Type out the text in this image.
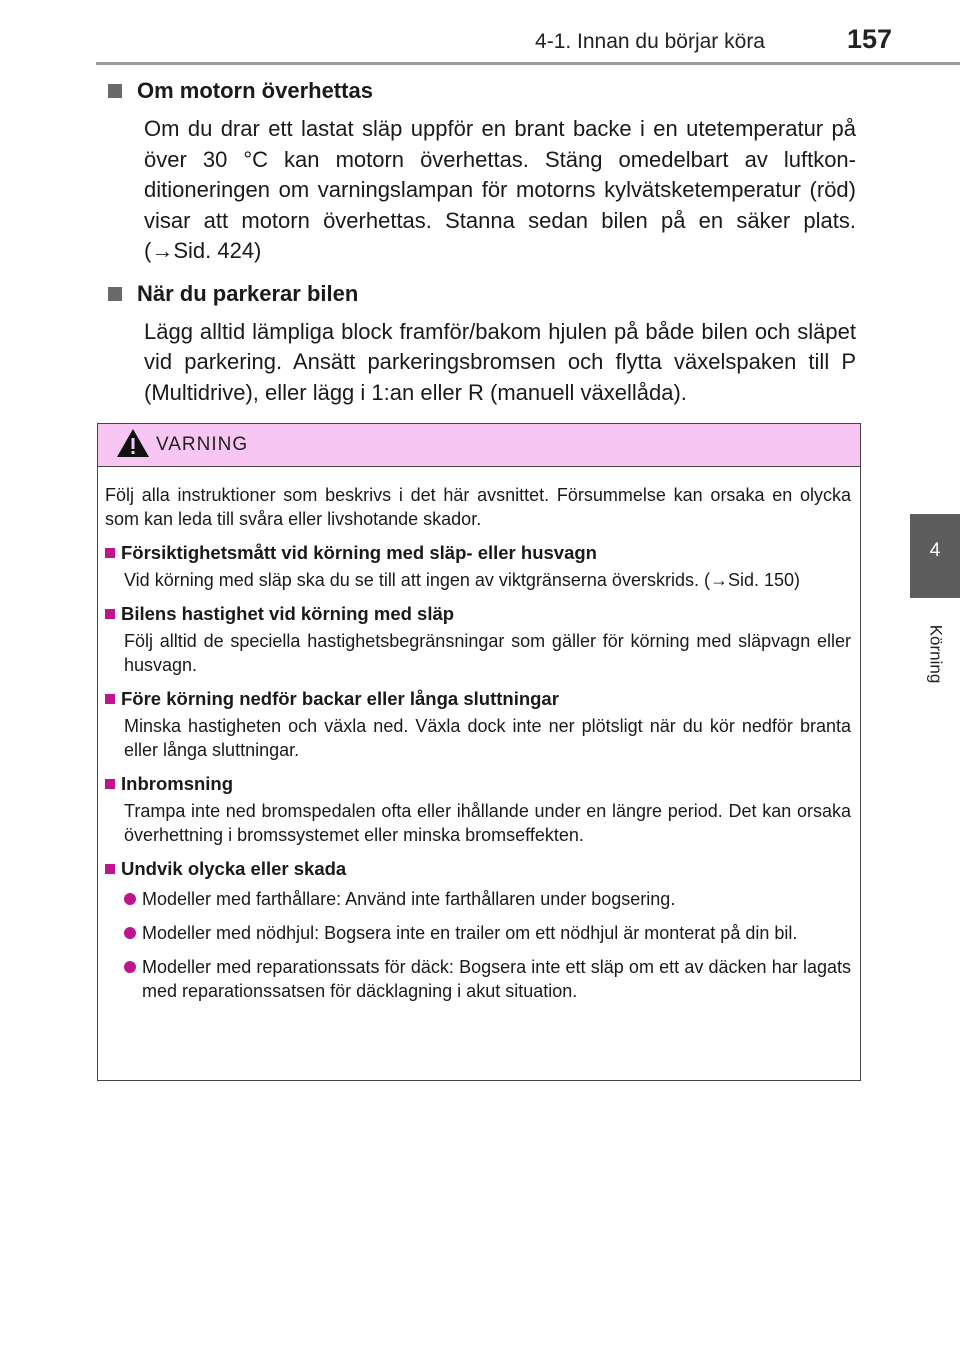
4-1. Innan du börjar köra	157
4
Körning

Om motorn överhettas

Om du drar ett lastat släp uppför en brant backe i en utetemperatur på över 30 °C kan motorn överhettas. Stäng omedelbart av luftkonditioneringen om varningslampan för motorns kylvätsketemperatur (röd) visar att motorn överhettas. Stanna sedan bilen på en säker plats. (→Sid. 424)

När du parkerar bilen

Lägg alltid lämpliga block framför/bakom hjulen på både bilen och släpet vid parkering. Ansätt parkeringsbromsen och flytta växelspaken till P (Multidrive), eller lägg i 1:an eller R (manuell växellåda).

VARNING

Följ alla instruktioner som beskrivs i det här avsnittet. Försummelse kan orsaka en olycka som kan leda till svåra eller livshotande skador.

Försiktighetsmått vid körning med släp- eller husvagn

Vid körning med släp ska du se till att ingen av viktgränserna överskrids. (→Sid. 150)

Bilens hastighet vid körning med släp

Följ alltid de speciella hastighetsbegränsningar som gäller för körning med släpvagn eller husvagn.

Före körning nedför backar eller långa sluttningar

Minska hastigheten och växla ned. Växla dock inte ner plötsligt när du kör nedför branta eller långa sluttningar.

Inbromsning

Trampa inte ned bromspedalen ofta eller ihållande under en längre period. Det kan orsaka överhettning i bromssystemet eller minska bromseffekten.

Undvik olycka eller skada

Modeller med farthållare: Använd inte farthållaren under bogsering.
Modeller med nödhjul: Bogsera inte en trailer om ett nödhjul är monterat på din bil.
Modeller med reparationssats för däck: Bogsera inte ett släp om ett av däcken har lagats med reparationssatsen för däcklagning i akut situation.
